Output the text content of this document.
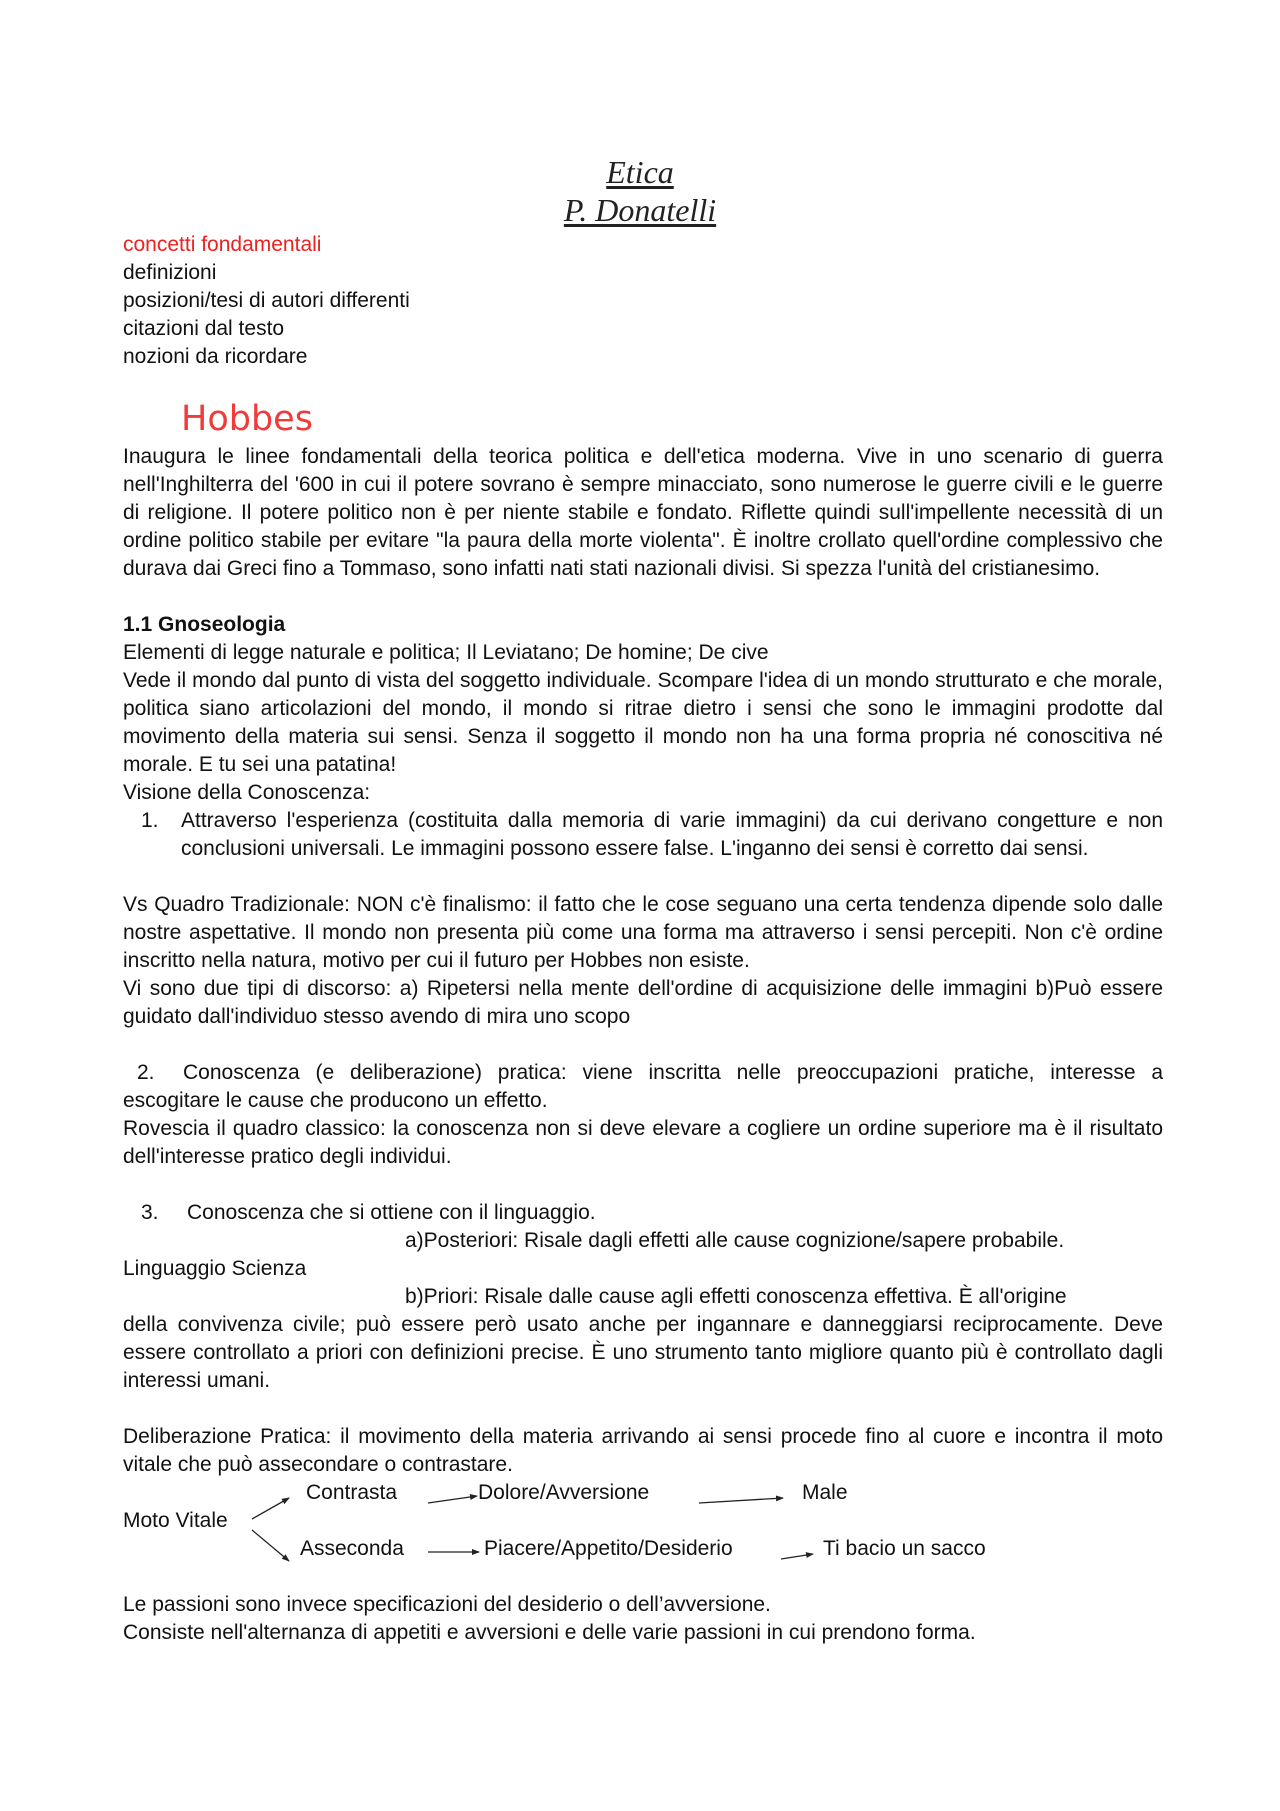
Etica
P. Donatelli
concetti fondamentali
definizioni
posizioni/tesi di autori differenti
citazioni dal testo
nozioni da ricordare
Hobbes
Inaugura le linee fondamentali della teorica politica e dell'etica moderna. Vive in uno scenario di guerra nell'Inghilterra del '600 in cui il potere sovrano è sempre minacciato, sono numerose le guerre civili e le guerre di religione. Il potere politico non è per niente stabile e fondato. Riflette quindi sull'impellente necessità di un ordine politico stabile per evitare "la paura della morte violenta". È inoltre crollato quell'ordine complessivo che durava dai Greci fino a Tommaso, sono infatti nati stati nazionali divisi. Si spezza l'unità del cristianesimo.
1.1 Gnoseologia
Elementi di legge naturale e politica; Il Leviatano; De homine; De cive
Vede il mondo dal punto di vista del soggetto individuale. Scompare l'idea di un mondo strutturato e che morale, politica siano articolazioni del mondo, il mondo si ritrae dietro i sensi che sono le immagini prodotte dal movimento della materia sui sensi. Senza il soggetto il mondo non ha una forma propria né conoscitiva né morale. E tu sei una patatina!
Visione della Conoscenza:
1. Attraverso l'esperienza (costituita dalla memoria di varie immagini) da cui derivano congetture e non conclusioni universali. Le immagini possono essere false. L'inganno dei sensi è corretto dai sensi.
Vs Quadro Tradizionale: NON c'è finalismo: il fatto che le cose seguano una certa tendenza dipende solo dalle nostre aspettative. Il mondo non presenta più come una forma ma attraverso i sensi percepiti. Non c'è ordine inscritto nella natura, motivo per cui il futuro per Hobbes non esiste.
Vi sono due tipi di discorso: a) Ripetersi nella mente dell'ordine di acquisizione delle immagini b)Può essere guidato dall'individuo stesso avendo di mira uno scopo
2.	Conoscenza (e deliberazione) pratica: viene inscritta nelle preoccupazioni pratiche, interesse a escogitare le cause che producono un effetto.
Rovescia il quadro classico: la conoscenza non si deve elevare a cogliere un ordine superiore ma è il risultato dell'interesse pratico degli individui.
3. Conoscenza che si ottiene con il linguaggio.
a)Posteriori: Risale dagli effetti alle cause cognizione/sapere probabile.
Linguaggio Scienza
b)Priori: Risale dalle cause agli effetti conoscenza effettiva. È all'origine
della convivenza civile; può essere però usato anche per ingannare e danneggiarsi reciprocamente. Deve essere controllato a priori con definizioni precise. È uno strumento tanto migliore quanto più è controllato dagli interessi umani.
Deliberazione Pratica: il movimento della materia arrivando ai sensi procede fino al cuore e incontra il moto vitale che può assecondare o contrastare.
Moto Vitale
Contrasta	Dolore/Avversione	Male
Asseconda	Piacere/Appetito/Desiderio	Ti bacio un sacco
Le passioni sono invece specificazioni del desiderio o dell’avversione.
Consiste nell'alternanza di appetiti e avversioni e delle varie passioni in cui prendono forma.
